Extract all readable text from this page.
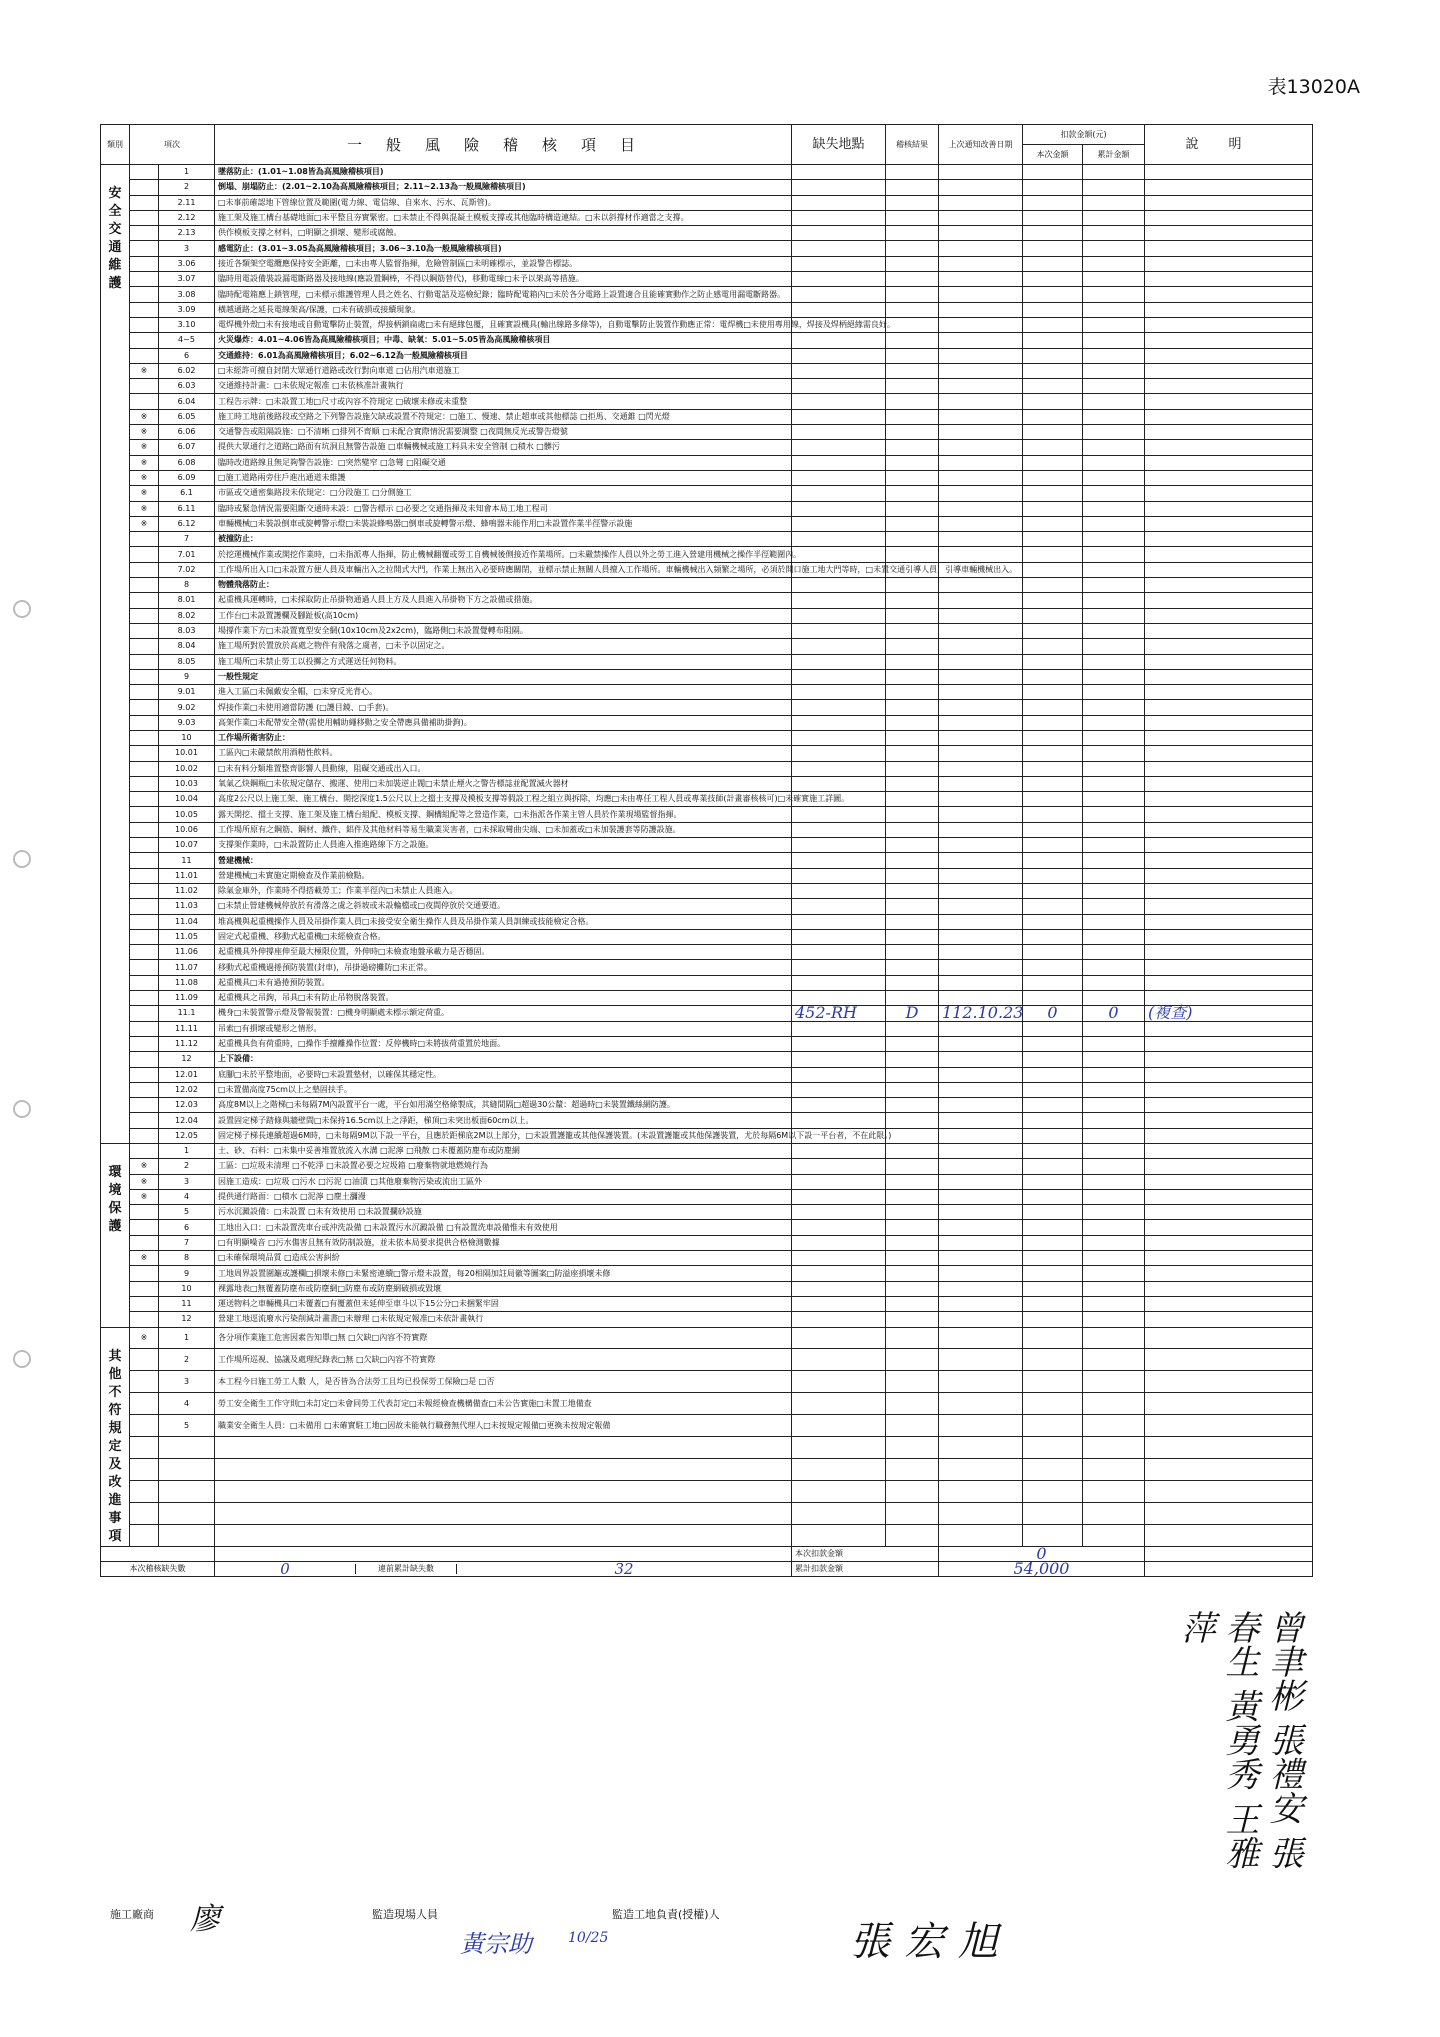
表13020A
類別	項次		一般風險稽核項目	缺失地點	稽核結果	上次通知改善日期	扣款金額(元)		說明
							本次金額	累計金額	
安全交通維護		1	墜落防止：(1.01~1.08皆為高風險稽核項目)						
		2	倒塌、崩塌防止：(2.01~2.10為高風險稽核項目；2.11~2.13為一般風險稽核項目)						
		2.11	□未事前確認地下管線位置及範圍(電力線、電信線、自來水、污水、瓦斯管)。						
		2.12	施工架及施工構台基礎地面□未平整且夯實緊密。□未禁止不得與混凝土模板支撐或其他臨時構造連結。□未以斜撐材作適當之支撐。						
		2.13	供作模板支撐之材料，□明顯之損壞、變形或腐蝕。						
		3	感電防止：(3.01~3.05為高風險稽核項目；3.06~3.10為一般風險稽核項目)						
		3.06	接近各類架空電纜應保持安全距離，□未由專人監督指揮，危險管制區□未明確標示，並設警告標誌。						
		3.07	臨時用電設備裝設漏電斷路器及接地線(應設置鋼棒，不得以鋼筋替代)，移動電線□未予以架高等措施。						
		3.08	臨時配電箱應上鎖管理，□未標示維護管理人員之姓名、行動電話及巡檢紀錄；臨時配電箱內□未於各分電路上設置適合且能確實動作之防止感電用漏電斷路器。						
		3.09	橫越通路之延長電線架高/保護，□未有破損或接續現象。						
		3.10	電焊機外殼□未有接地或自動電擊防止裝置，焊接柄鎖扁處□未有絕緣包覆，且確實設機具(輸出線路多條等)，自動電擊防止裝置作動應正常：電焊機□未使用專用線，焊接及焊柄絕緣需良好。						
		4~5	火災爆炸：4.01~4.06皆為高風險稽核項目；中毒、缺氧：5.01~5.05皆為高風險稽核項目						
		6	交通維持：6.01為高風險稽核項目；6.02~6.12為一般風險稽核項目						
	※	6.02	□未經許可擅自封閉大眾通行道路或改行對向車道 □佔用汽車道施工						
		6.03	交通維持計畫：□未依規定報准 □未依核准計畫執行						
		6.04	工程告示牌：□未設置工地□尺寸或內容不符規定 □破壞未修或未重整						
	※	6.05	施工時工地前後路段或空路之下列警告設施欠缺或設置不符規定：□施工、慢速、禁止超車或其他標誌 □拒馬、交通錐 □閃光燈						
	※	6.06	交通警告或阻隔設施：□不清晰 □排列不齊順 □未配合實際情況需要調整 □夜間無反光或警告燈號						
	※	6.07	提供大眾通行之道路□路面有坑洞且無警告設施 □車輛機械或施工料具未安全管制 □積水 □髒污						
	※	6.08	臨時改道路線且無足夠警告設施：□突然變窄 □急彎 □阻礙交通						
	※	6.09	□施工道路兩旁住戶進出通道未維護						
	※	6.1	市區或交通密集路段未依規定：□分段施工 □分側施工						
	※	6.11	臨時或緊急情況需要阻斷交通時未設：□警告標示 □必要之交通指揮及未知會本局工地工程司						
	※	6.12	車輛機械□未裝設倒車或旋轉警示燈□未裝設蜂鳴器□倒車或旋轉警示燈、蜂鳴器未能作用□未設置作業半徑警示設施						
		7	被撞防止：						
		7.01	於挖運機械作業或開挖作業時，□未指派專人指揮，防止機械翻覆或勞工自機械後側接近作業場所。□未嚴禁操作人員以外之勞工進入營建用機械之操作半徑範圍內。						
		7.02	工作場所出入口□未設置方便人員及車輛出入之拉開式大門，作業上無出入必要時應關閉，並標示禁止無關人員擅入工作場所。車輛機械出入頻繁之場所，必須於開口施工地大門等時，□未置交通引導人員，引導車輛機械出入。						
		8	物體飛落防止：						
		8.01	起重機具運轉時，□未採取防止吊掛物通過人員上方及人員進入吊掛物下方之設備或措施。						
		8.02	工作台□未設置護欄及腳趾板(高10cm)						
		8.03	場撐作業下方□未設置寬型安全網(10x10cm及2x2cm)，臨路側□未設置覺轉布阻隔。						
		8.04	施工場所對於置放於高處之物件有飛落之虞者，□未予以固定之。						
		8.05	施工場所□未禁止勞工以投擲之方式運送任何物料。						
		9	一般性規定						
		9.01	進入工區□未佩戴安全帽，□未穿反光背心。						
		9.02	焊接作業□未使用適當防護 (□護目鏡、□手套)。						
		9.03	高架作業□未配帶安全帶(需使用輔助繩移動之安全帶應具備補助掛鉤)。						
		10	工作場所衛害防止：						
		10.01	工區內□未嚴禁飲用酒精性飲料。						
		10.02	□未有料分類堆置整齊影響人員動線，阻礙交通或出入口。						
		10.03	氧氣乙炔鋼瓶□未依規定儲存、搬運、使用□未加裝逆止閥□未禁止煙火之警告標誌並配置滅火器材						
		10.04	高度2公尺以上施工架、施工構台、開挖深度1.5公尺以上之擋土支撐及模板支撐等假設工程之組立與拆除，均應□未由專任工程人員或專業技師(計畫審核核可)□未確實施工詳圖。						
		10.05	露天開挖、擋土支撐、施工架及施工構台組配、模板支撐、鋼構組配等之營造作業，□未指派各作業主管人員於作業現場監督指揮。						
		10.06	工作場所原有之鋼筋、鋼材、鐵件、鋁件及其他材料等易生職業災害者，□未採取彎曲尖端、□未加蓋或□未加裝護套等防護設施。						
		10.07	支撐架作業時，□未設置防止人員進入推進路線下方之設施。						
		11	營建機械：						
		11.01	營建機械□未實施定期檢查及作業前檢點。						
		11.02	除氣金庫外，作業時不得搭載勞工；作業半徑內□未禁止人員進入。						
		11.03	□未禁止營建機械停放於有滑落之虞之斜坡或未設輪檔或□夜間停放於交通要道。						
		11.04	堆高機與起重機操作人員及吊掛作業人員□未接受安全衛生操作人員及吊掛作業人員訓練或技能檢定合格。						
		11.05	固定式起重機、移動式起重機□未經檢查合格。						
		11.06	起重機具外伸撐座伸至最大極限位置，外伸時□未檢查地盤承載力是否穩固。						
		11.07	移動式起重機過捲預防裝置(封車)，吊掛過磅攤防□未正常。						
		11.08	起重機具□未有過捲預防裝置。						
		11.09	起重機具之吊鉤，吊具□未有防止吊物脫落裝置。						
		11.1	機身□未裝置警示燈及警報裝置：□機身明顯處未標示額定荷重。	452-RH	D	112.10.23	0	0	(複查)
		11.11	吊索□有損壞或變形之情形。						
		11.12	起重機具負有荷重時，□操作手擅離操作位置：反停機時□未將拔荷重置於地面。						
		12	上下設備：						
		12.01	底腳□未於平整地面，必要時□未設置墊材，以確保其穩定性。						
		12.02	□未置備高度75cm以上之墊固扶手。						
		12.03	高度8M以上之階梯□未每隔7M內設置平台一處，平台如用滿空格條製成，其縫間隔□超過30公釐：超過時□未裝置鐵絲網防護。						
		12.04	設置固定梯子踏條與牆壁間□未保持16.5cm以上之淨距，梯頂□未突出板面60cm以上。						
		12.05	固定梯子梯長連續超過6M時，□未每隔9M以下設一平台，且應於距梯底2M以上部分，□未設置護籠或其他保護裝置。(未設置護籠或其他保護裝置，尤於每隔6M以下設一平台者，不在此限。)						
環境保護		1	土、砂、石料：□未集中妥善堆置放流入水溝 □泥濘 □飛散 □未覆蓋防塵布或防塵網						
	※	2	工區：□垃圾未清理 □不乾淨 □未設置必要之垃圾箱 □廢棄物就地燃燒行為						
	※	3	因施工造成：□垃圾 □污水 □污泥 □油漬 □其他廢棄物污染或流出工區外						
	※	4	提供通行路面：□積水 □泥濘 □塵土瀰漫						
		5	污水沉澱設備：□未設置 □未有效使用 □未設置攔砂設施						
		6	工地出入口：□未設置洗車台或沖洗設備 □未設置污水沉澱設備 □有設置洗車設備惟未有效使用						
		7	□有明顯噪音 □污水傷害且無有效防制設施，並未依本局要求提供合格檢測數據						
	※	8	□未確保環境品質 □造成公害糾紛						
		9	工地周界設置圍籬或護欄□損壞未修□未緊密連續□警示燈未設置，每20相隔加註局徽等圖案□防溢座損壞未修						
		10	裸露地表□無覆蓋防塵布或防塵網□防塵布或防塵網破損或毀壞						
		11	運送物料之車輛機具□未覆蓋□有覆蓋但未延伸至車斗以下15公分□未捆緊牢固						
		12	營建工地逕流廢水污染削減計畫書□未辦理 □未依規定報准□未依計畫執行						
其他不符規定及改進事項	※	1	各分項作業施工危害因素告知單□無 □欠缺□內容不符實際						
		2	工作場所巡視、協議及處理紀錄表□無 □欠缺□內容不符實際						
		3	本工程今日施工勞工人數 人，是否皆為合法勞工且均已投保勞工保險□是 □否						
		4	勞工安全衛生工作守則□未訂定□未會同勞工代表訂定□未報經檢查機構備查□未公告實施□未置工地備查						
		5	職業安全衛生人員：□未備用 □未確實駐工地□因故未能執行職務無代理人□未按規定報備□更換未按規定報備						

				本次扣款金額		0			
本次稽核缺失數			0 違前累計缺失數 32	累計扣款金額		54,000			
曾聿彬 張禮安 張春生 黃勇秀 王雅萍
施工廠商 廖	監造現場人員
黃宗助	10/25
監造工地負責(授權)人
張宏旭
